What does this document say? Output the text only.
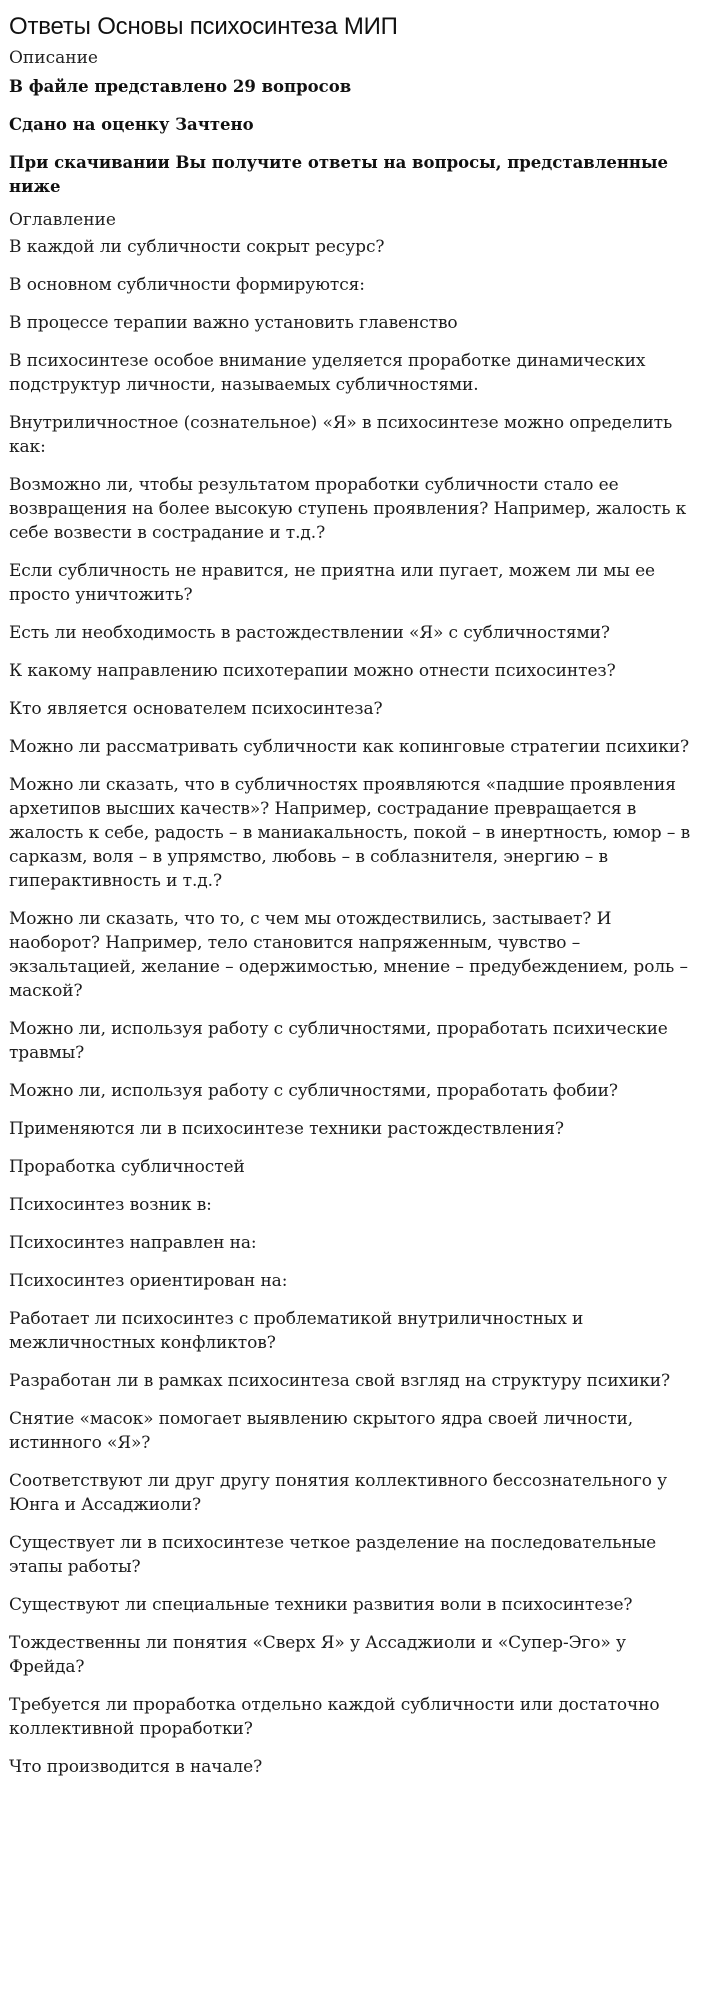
Ответы Основы психосинтеза МИП
Описание
В файле представлено 29 вопросов
Сдано на оценку Зачтено
При скачивании Вы получите ответы на вопросы, представленные ниже
Оглавление
В каждой ли субличности сокрыт ресурс?
В основном субличности формируются:
В процессе терапии важно установить главенство
В психосинтезе особое внимание уделяется проработке динамических подструктур личности, называемых субличностями.
Внутриличностное (сознательное) «Я» в психосинтезе можно определить как:
Возможно ли, чтобы результатом проработки субличности стало ее возвращения на более высокую ступень проявления? Например, жалость к себе возвести в сострадание и т.д.?
Если субличность не нравится, не приятна или пугает, можем ли мы ее просто уничтожить?
Есть ли необходимость в растождествлении «Я» с субличностями?
К какому направлению психотерапии можно отнести психосинтез?
Кто является основателем психосинтеза?
Можно ли рассматривать субличности как копинговые стратегии психики?
Можно ли сказать, что в субличностях проявляются «падшие проявления архетипов высших качеств»? Например, сострадание превращается в жалость к себе, радость – в маниакальность, покой – в инертность, юмор – в сарказм, воля – в упрямство, любовь – в соблазнителя, энергию – в гиперактивность и т.д.?
Можно ли сказать, что то, с чем мы отождествились, застывает? И наоборот? Например, тело становится напряженным, чувство – экзальтацией, желание – одержимостью, мнение – предубеждением, роль – маской?
Можно ли, используя работу с субличностями, проработать психические травмы?
Можно ли, используя работу с субличностями, проработать фобии?
Применяются ли в психосинтезе техники растождествления?
Проработка субличностей
Психосинтез возник в:
Психосинтез направлен на:
Психосинтез ориентирован на:
Работает ли психосинтез с проблематикой внутриличностных и межличностных конфликтов?
Разработан ли в рамках психосинтеза свой взгляд на структуру психики?
Снятие «масок» помогает выявлению скрытого ядра своей личности, истинного «Я»?
Соответствуют ли друг другу понятия коллективного бессознательного у Юнга и Ассаджиоли?
Существует ли в психосинтезе четкое разделение на последовательные этапы работы?
Существуют ли специальные техники развития воли в психосинтезе?
Тождественны ли понятия «Сверх Я» у Ассаджиоли и «Супер-Эго» у Фрейда?
Требуется ли проработка отдельно каждой субличности или достаточно коллективной проработки?
Что производится в начале?
